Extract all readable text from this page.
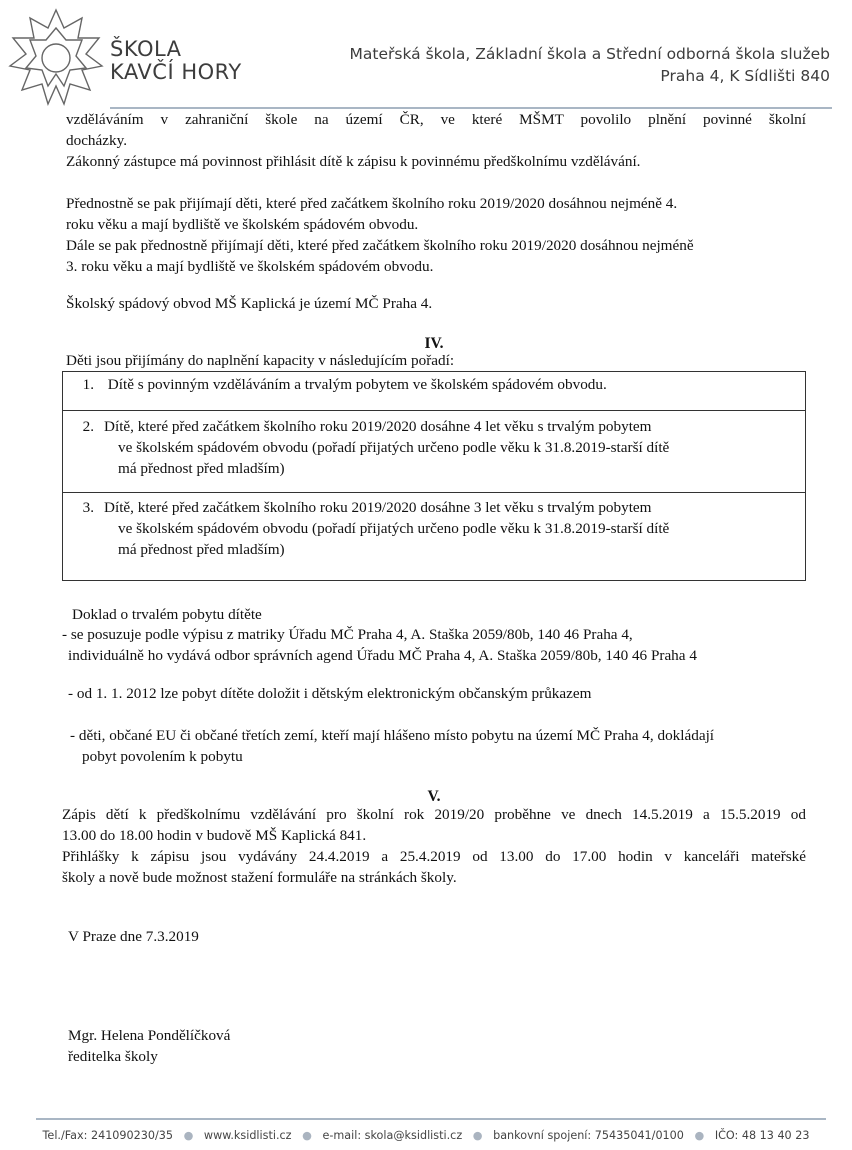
ŠKOLA
KAVČÍ HORY
Mateřská škola, Základní škola a Střední odborná škola služeb
Praha 4, K Sídlišti 840
vzděláváním v zahraniční škole na území ČR, ve které MŠMT povolilo plnění povinné školní
docházky.
Zákonný zástupce má povinnost přihlásit dítě k zápisu k povinnému předškolnímu vzdělávání.
Přednostně se pak přijímají děti, které před začátkem školního roku 2019/2020 dosáhnou nejméně 4.
roku věku a mají bydliště ve školském spádovém obvodu.
Dále se pak přednostně přijímají děti, které před začátkem školního roku 2019/2020 dosáhnou nejméně
3. roku věku a mají bydliště ve školském spádovém obvodu.
Školský spádový obvod MŠ Kaplická je území MČ Praha 4.
IV.
Děti jsou přijímány do naplnění kapacity v následujícím pořadí:
1. Dítě s povinným vzděláváním a trvalým pobytem ve školském spádovém obvodu.
2. Dítě, které před začátkem školního roku 2019/2020 dosáhne 4 let věku s trvalým pobytem
ve školském spádovém obvodu (pořadí přijatých určeno podle věku k 31.8.2019-starší dítě
má přednost před mladším)
3. Dítě, které před začátkem školního roku 2019/2020 dosáhne 3 let věku s trvalým pobytem
ve školském spádovém obvodu (pořadí přijatých určeno podle věku k 31.8.2019-starší dítě
má přednost před mladším)
Doklad o trvalém pobytu dítěte
- se posuzuje podle výpisu z matriky Úřadu MČ Praha 4, A. Staška 2059/80b, 140 46 Praha 4,
individuálně ho vydává odbor správních agend Úřadu MČ Praha 4, A. Staška 2059/80b, 140 46 Praha 4
- od 1. 1. 2012 lze pobyt dítěte doložit i dětským elektronickým občanským průkazem
- děti, občané EU či občané třetích zemí, kteří mají hlášeno místo pobytu na území MČ Praha 4, dokládají
pobyt povolením k pobytu
V.
Zápis dětí k předškolnímu vzdělávání pro školní rok 2019/20 proběhne ve dnech 14.5.2019 a 15.5.2019 od
13.00 do 18.00 hodin v budově MŠ Kaplická 841.
Přihlášky k zápisu jsou vydávány 24.4.2019 a 25.4.2019 od 13.00 do 17.00 hodin v kanceláři mateřské
školy a nově bude možnost stažení formuláře na stránkách školy.
V Praze dne 7.3.2019
Mgr. Helena Pondělíčková
ředitelka školy
Tel./Fax: 241090230/35 ● www.ksidlisti.cz ● e-mail: skola@ksidlisti.cz ● bankovní spojení: 75435041/0100 ● IČO: 48 13 40 23
